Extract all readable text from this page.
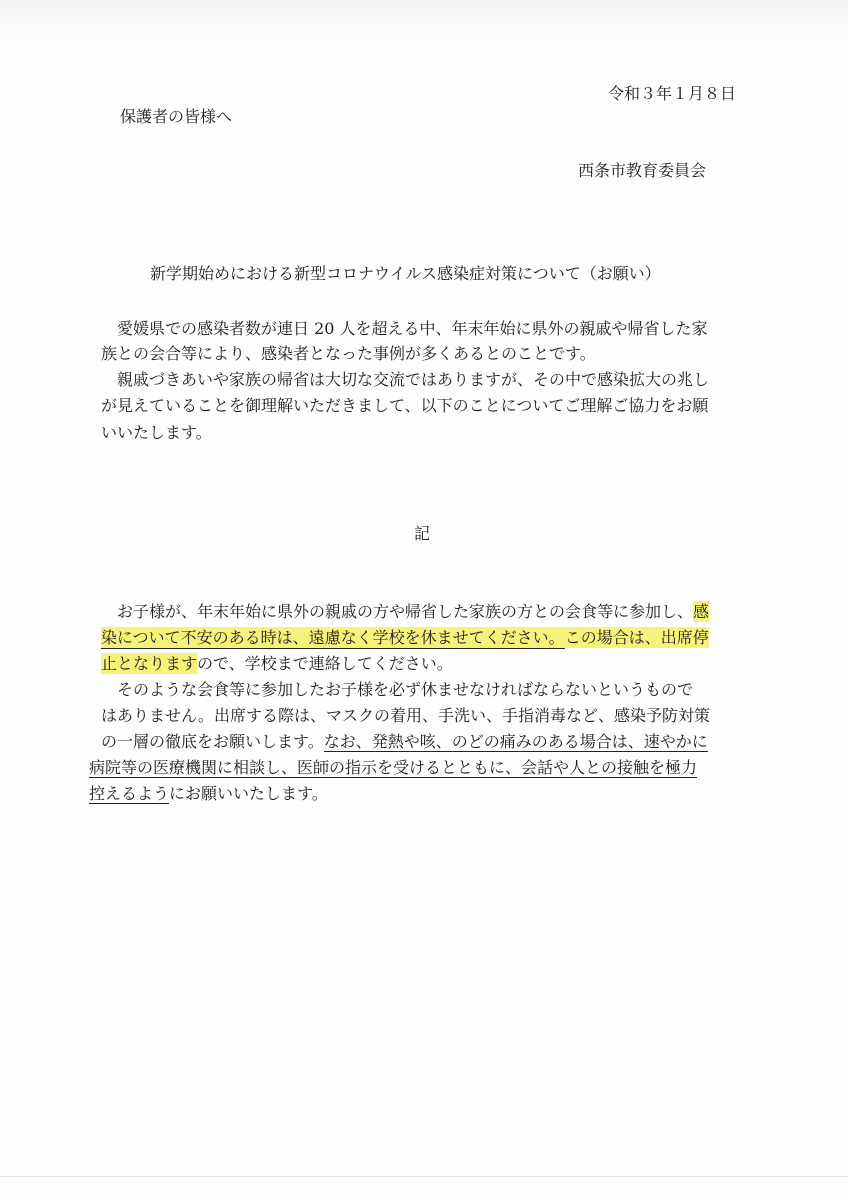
令和３年１月８日

保護者の皆様へ

西条市教育委員会

新学期始めにおける新型コロナウイルス感染症対策について（お願い）

愛媛県での感染者数が連日 20 人を超える中、年末年始に県外の親戚や帰省した家

族との会合等により、感染者となった事例が多くあるとのことです。

親戚づきあいや家族の帰省は大切な交流ではありますが、その中で感染拡大の兆し

が見えていることを御理解いただきまして、以下のことについてご理解ご協力をお願

いいたします。

記

お子様が、年末年始に県外の親戚の方や帰省した家族の方との会食等に参加し、感

染について不安のある時は、遠慮なく学校を休ませてください。この場合は、出席停

止となりますので、学校まで連絡してください。

そのような会食等に参加したお子様を必ず休ませなければならないというもので

はありません。出席する際は、マスクの着用、手洗い、手指消毒など、感染予防対策

の一層の徹底をお願いします。なお、発熱や咳、のどの痛みのある場合は、速やかに

病院等の医療機関に相談し、医師の指示を受けるとともに、会話や人との接触を極力

控えるようにお願いいたします。
